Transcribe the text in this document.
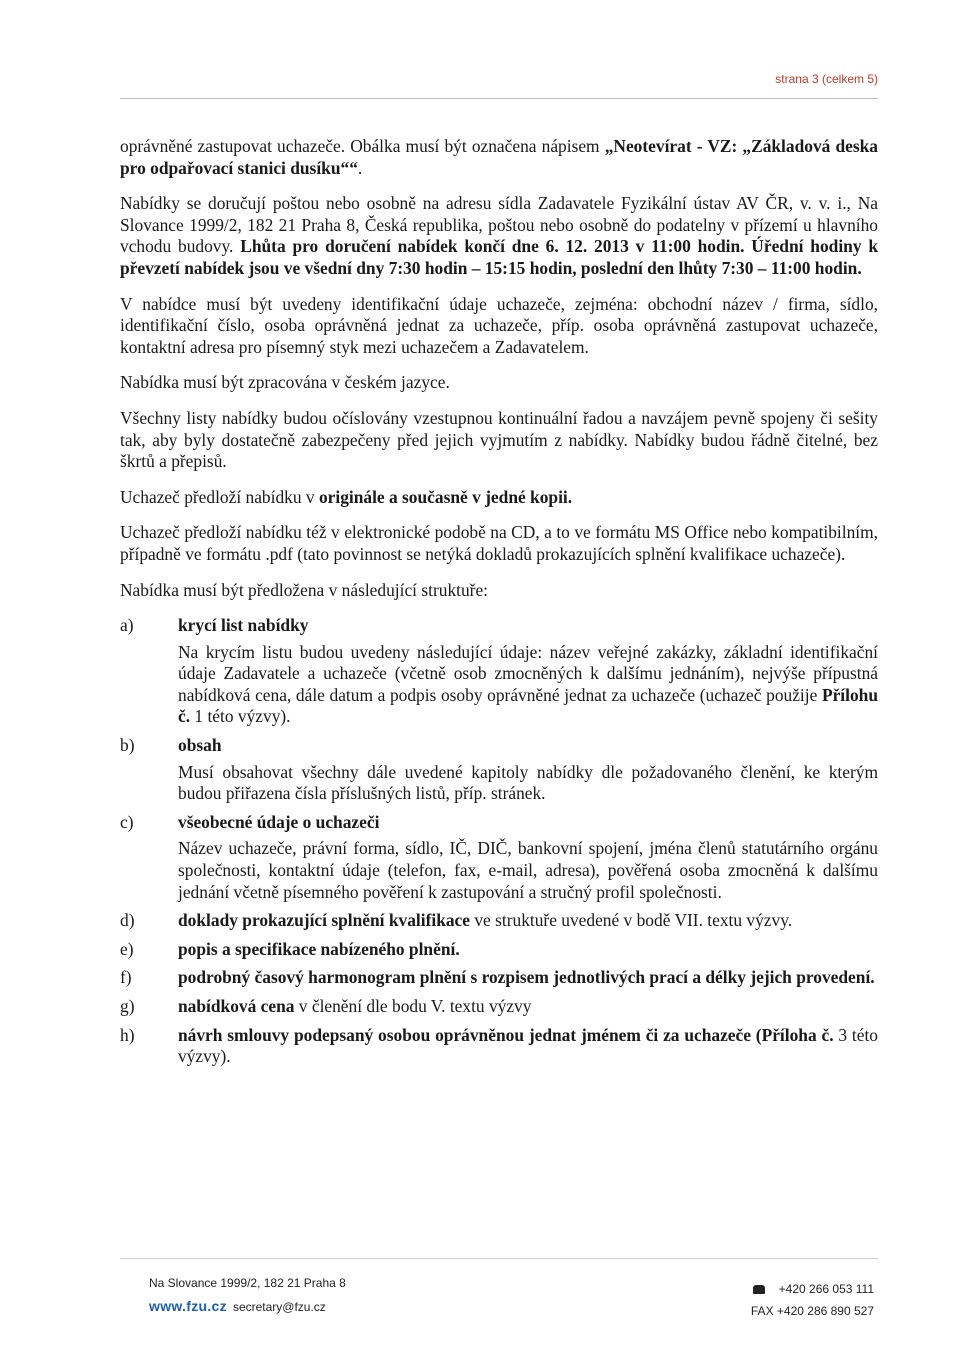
strana 3 (celkem 5)

oprávněné zastupovat uchazeče. Obálka musí být označena nápisem „Neotevírat - VZ: „Základová deska pro odpařovací stanici dusíku““.

Nabídky se doručují poštou nebo osobně na adresu sídla Zadavatele Fyzikální ústav AV ČR, v. v. i., Na Slovance 1999/2, 182 21 Praha 8, Česká republika, poštou nebo osobně do podatelny v přízemí u hlavního vchodu budovy. Lhůta pro doručení nabídek končí dne 6. 12. 2013 v 11:00 hodin. Úřední hodiny k převzetí nabídek jsou ve všední dny 7:30 hodin – 15:15 hodin, poslední den lhůty 7:30 – 11:00 hodin.

V nabídce musí být uvedeny identifikační údaje uchazeče, zejména: obchodní název / firma, sídlo, identifikační číslo, osoba oprávněná jednat za uchazeče, příp. osoba oprávněná zastupovat uchazeče, kontaktní adresa pro písemný styk mezi uchazečem a Zadavatelem.

Nabídka musí být zpracována v českém jazyce.

Všechny listy nabídky budou očíslovány vzestupnou kontinuální řadou a navzájem pevně spojeny či sešity tak, aby byly dostatečně zabezpečeny před jejich vyjmutím z nabídky. Nabídky budou řádně čitelné, bez škrtů a přepisů.

Uchazeč předloží nabídku v originále a současně v jedné kopii.

Uchazeč předloží nabídku též v elektronické podobě na CD, a to ve formátu MS Office nebo kompatibilním, případně ve formátu .pdf (tato povinnost se netýká dokladů prokazujících splnění kvalifikace uchazeče).

Nabídka musí být předložena v následující struktuře:

a)	krycí list nabídky
Na krycím listu budou uvedeny následující údaje: název veřejné zakázky, základní identifikační údaje Zadavatele a uchazeče (včetně osob zmocněných k dalšímu jednáním), nejvýše přípustná nabídková cena, dále datum a podpis osoby oprávněné jednat za uchazeče (uchazeč použije Přílohu č. 1 této výzvy).
b)	obsah
Musí obsahovat všechny dále uvedené kapitoly nabídky dle požadovaného členění, ke kterým budou přiřazena čísla příslušných listů, příp. stránek.
c)	všeobecné údaje o uchazeči
Název uchazeče, právní forma, sídlo, IČ, DIČ, bankovní spojení, jména členů statutárního orgánu společnosti, kontaktní údaje (telefon, fax, e-mail, adresa), pověřená osoba zmocněná k dalšímu jednání včetně písemného pověření k zastupování a stručný profil společnosti.
d)	doklady prokazující splnění kvalifikace ve struktuře uvedené v bodě VII. textu výzvy.
e)	popis a specifikace nabízeného plnění.
f)	podrobný časový harmonogram plnění s rozpisem jednotlivých prací a délky jejich provedení.
g)	nabídková cena v členění dle bodu V. textu výzvy
h)	návrh smlouvy podepsaný osobou oprávněnou jednat jménem či za uchazeče (Příloha č. 3 této výzvy).
Na Slovance 1999/2, 182 21 Praha 8
www.fzu.cz secretary@fzu.cz
+420 266 053 111
FAX +420 286 890 527
